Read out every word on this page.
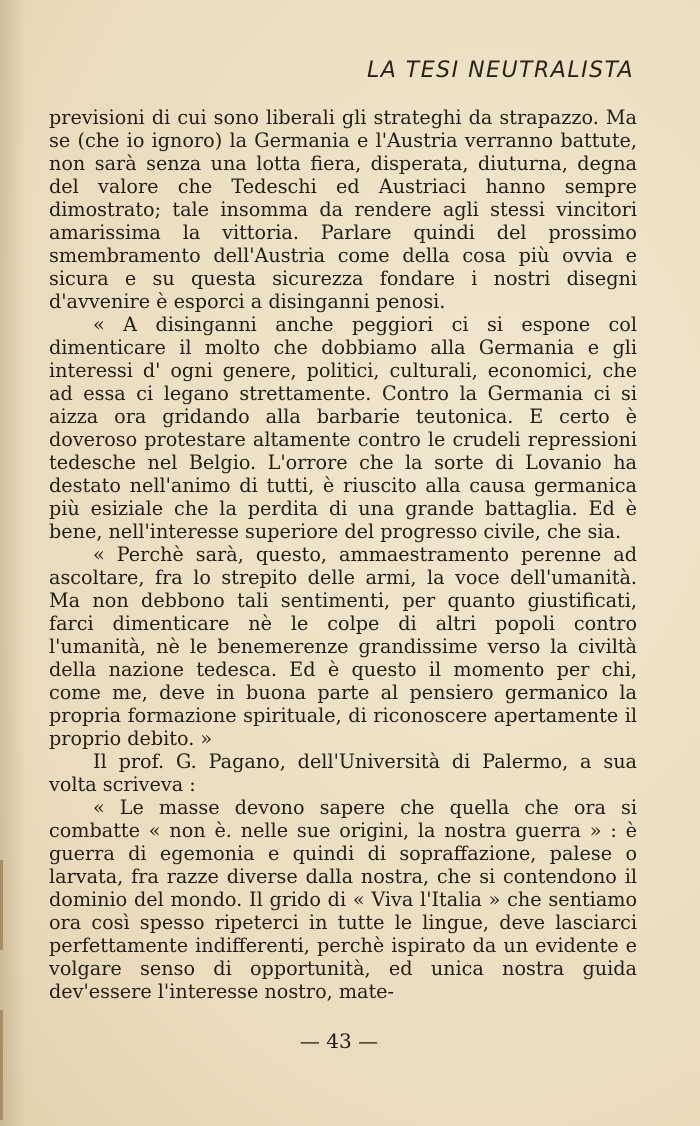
LA TESI NEUTRALISTA

previsioni di cui sono liberali gli strateghi da strapazzo. Ma se (che io ignoro) la Germania e l'Austria verranno battute, non sarà senza una lotta fiera, disperata, diuturna, degna del valore che Tedeschi ed Austriaci hanno sempre dimostrato; tale insomma da rendere agli stessi vincitori amarissima la vittoria. Parlare quindi del prossimo smembramento dell'Austria come della cosa più ovvia e sicura e su questa sicurezza fondare i nostri disegni d'avvenire è esporci a disinganni penosi.

« A disinganni anche peggiori ci si espone col dimenticare il molto che dobbiamo alla Germania e gli interessi d' ogni genere, politici, culturali, economici, che ad essa ci legano strettamente. Contro la Germania ci si aizza ora gridando alla barbarie teutonica. E certo è doveroso protestare altamente contro le crudeli repressioni tedesche nel Belgio. L'orrore che la sorte di Lovanio ha destato nell'animo di tutti, è riuscito alla causa germanica più esiziale che la perdita di una grande battaglia. Ed è bene, nell'interesse superiore del progresso civile, che sia.

« Perchè sarà, questo, ammaestramento perenne ad ascoltare, fra lo strepito delle armi, la voce dell'umanità. Ma non debbono tali sentimenti, per quanto giustificati, farci dimenticare nè le colpe di altri popoli contro l'umanità, nè le benemerenze grandissime verso la civiltà della nazione tedesca. Ed è questo il momento per chi, come me, deve in buona parte al pensiero germanico la propria formazione spirituale, di riconoscere apertamente il proprio debito. »

Il prof. G. Pagano, dell'Università di Palermo, a sua volta scriveva :

« Le masse devono sapere che quella che ora si combatte « non è. nelle sue origini, la nostra guerra » : è guerra di egemonia e quindi di sopraffazione, palese o larvata, fra razze diverse dalla nostra, che si contendono il dominio del mondo. Il grido di « Viva l'Italia » che sentiamo ora così spesso ripeterci in tutte le lingue, deve lasciarci perfettamente indifferenti, perchè ispirato da un evidente e volgare senso di opportunità, ed unica nostra guida dev'essere l'interesse nostro, mate-

— 43 —
